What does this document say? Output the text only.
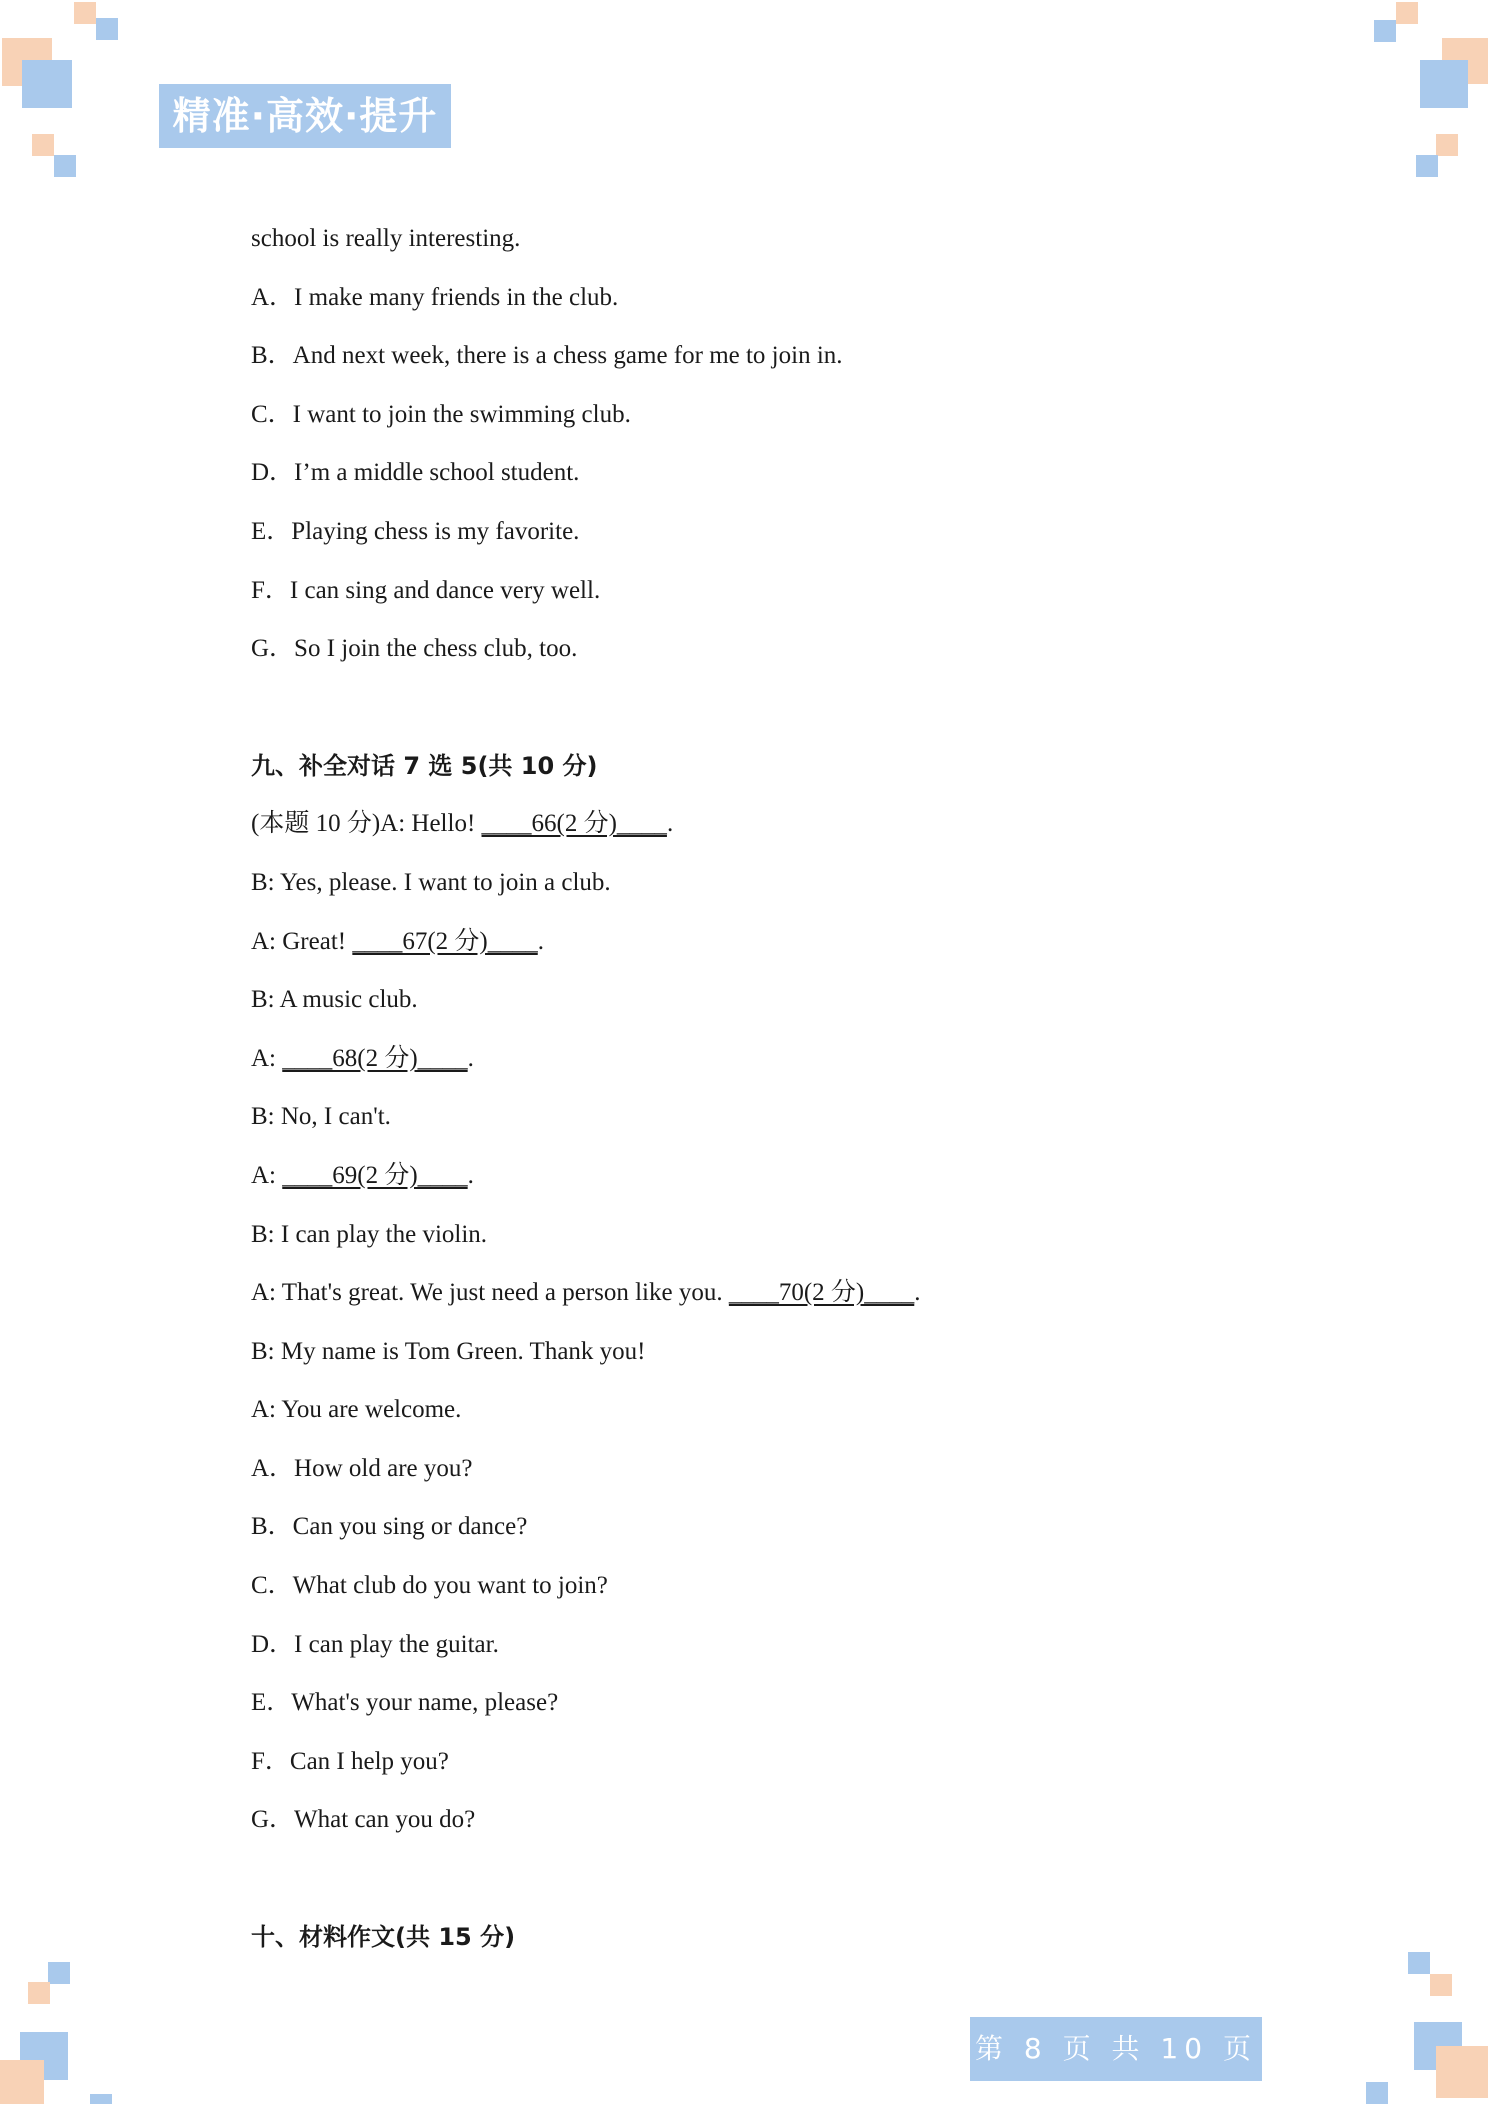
精准·高效·提升
school is really interesting.
A．I make many friends in the club.
B．And next week, there is a chess game for me to join in.
C．I want to join the swimming club.
D．I’m a middle school student.
E．Playing chess is my favorite.
F．I can sing and dance very well.
G．So I join the chess club, too.
九、补全对话 7 选 5(共 10 分)
(本题 10 分)A: Hello! ____66(2 分)____.
B: Yes, please. I want to join a club.
A: Great! ____67(2 分)____.
B: A music club.
A: ____68(2 分)____.
B: No, I can't.
A: ____69(2 分)____.
B: I can play the violin.
A: That's great. We just need a person like you. ____70(2 分)____.
B: My name is Tom Green. Thank you!
A: You are welcome.
A．How old are you?
B．Can you sing or dance?
C．What club do you want to join?
D．I can play the guitar.
E．What's your name, please?
F．Can I help you?
G．What can you do?
十、材料作文(共 15 分)
第 8 页 共 10 页
